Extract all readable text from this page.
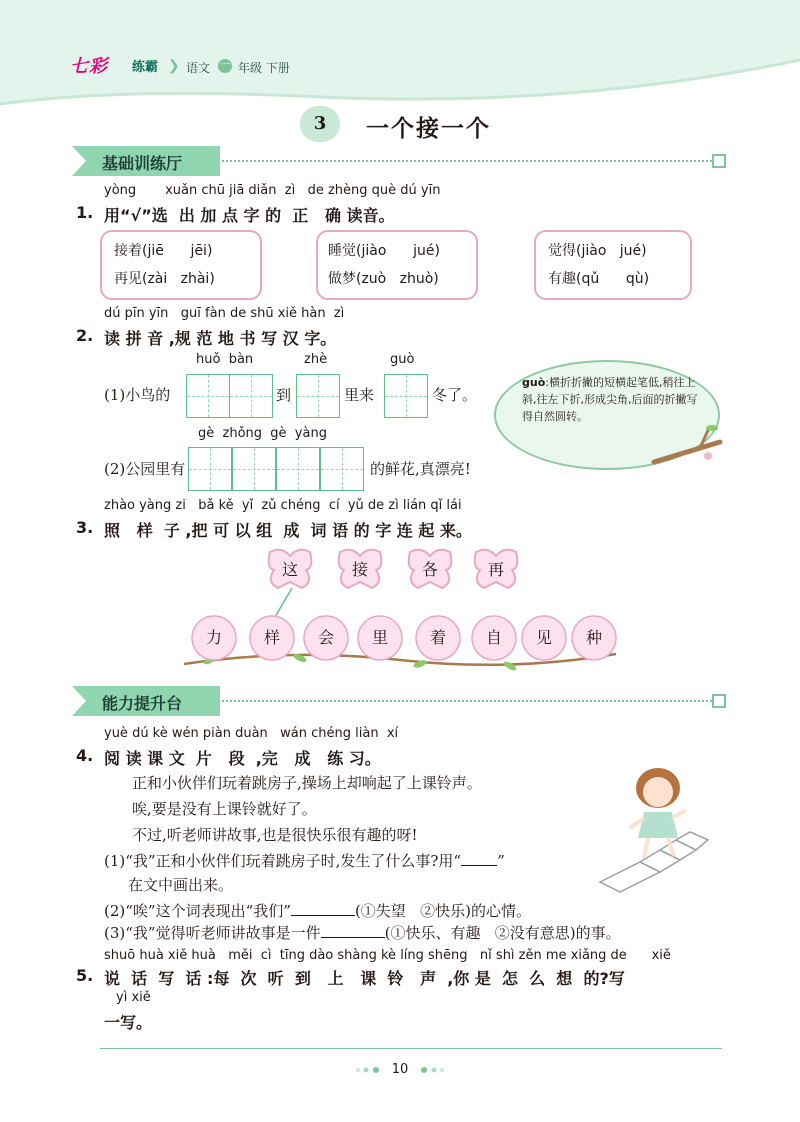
七彩 练霸 ❯ 语文 一 年级 下册
3	一个接一个
基础训练厅
yòng       xuǎn chū jiā diǎn  zì   de zhèng què dú yīn
1. 用“√”选  出 加 点 字 的  正   确 读音。
接着(jiē      jēi)
再见(zài   zhài)
睡觉(jiào      jué)
做梦(zuò   zhuò)
觉得(jiào   jué)
有趣(qǔ      qù)
dú pīn yīn   guī fàn de shū xiě hàn  zì
2. 读 拼 音 ,规 范 地 书 写 汉 字。
huǒ  bàn	zhè	guò
(1)小鸟的	到	里来	冬了。
gè  zhǒng  gè  yàng
(2)公园里有	的鲜花,真漂亮!
guò:横折折撇的短横起笔低,稍往上斜,往左下折,形成尖角,后面的折撇写得自然圆转。
zhào yàng zi   bǎ kě  yǐ  zǔ chéng  cí  yǔ de zì lián qǐ lái
3. 照   样  子 ,把 可 以 组  成  词 语 的 字 连 起 来。
这	接	各	再
力	样	会	里	着	自	见	种
能力提升台
yuè dú kè wén piàn duàn   wán chéng liàn  xí
4. 阅 读 课 文  片   段  ,完   成   练 习。
正和小伙伴们玩着跳房子,操场上却响起了上课铃声。
唉,要是没有上课铃就好了。
不过,听老师讲故事,也是很快乐很有趣的呀!
(1)“我”正和小伙伴们玩着跳房子时,发生了什么事?用“ ”
在文中画出来。
(2)“唉”这个词表现出“我们”	(①失望   ②快乐)的心情。
(3)“我”觉得听老师讲故事是一件	(①快乐、有趣   ②没有意思)的事。
shuō huà xiě huà   měi  cì  tīng dào shàng kè líng shēng   nǐ shì zěn me xiǎng de      xiě
5. 说  话  写  话 :每  次  听  到   上   课  铃   声  ,你 是  怎  么  想  的?写
yì xiě
一写。
10
